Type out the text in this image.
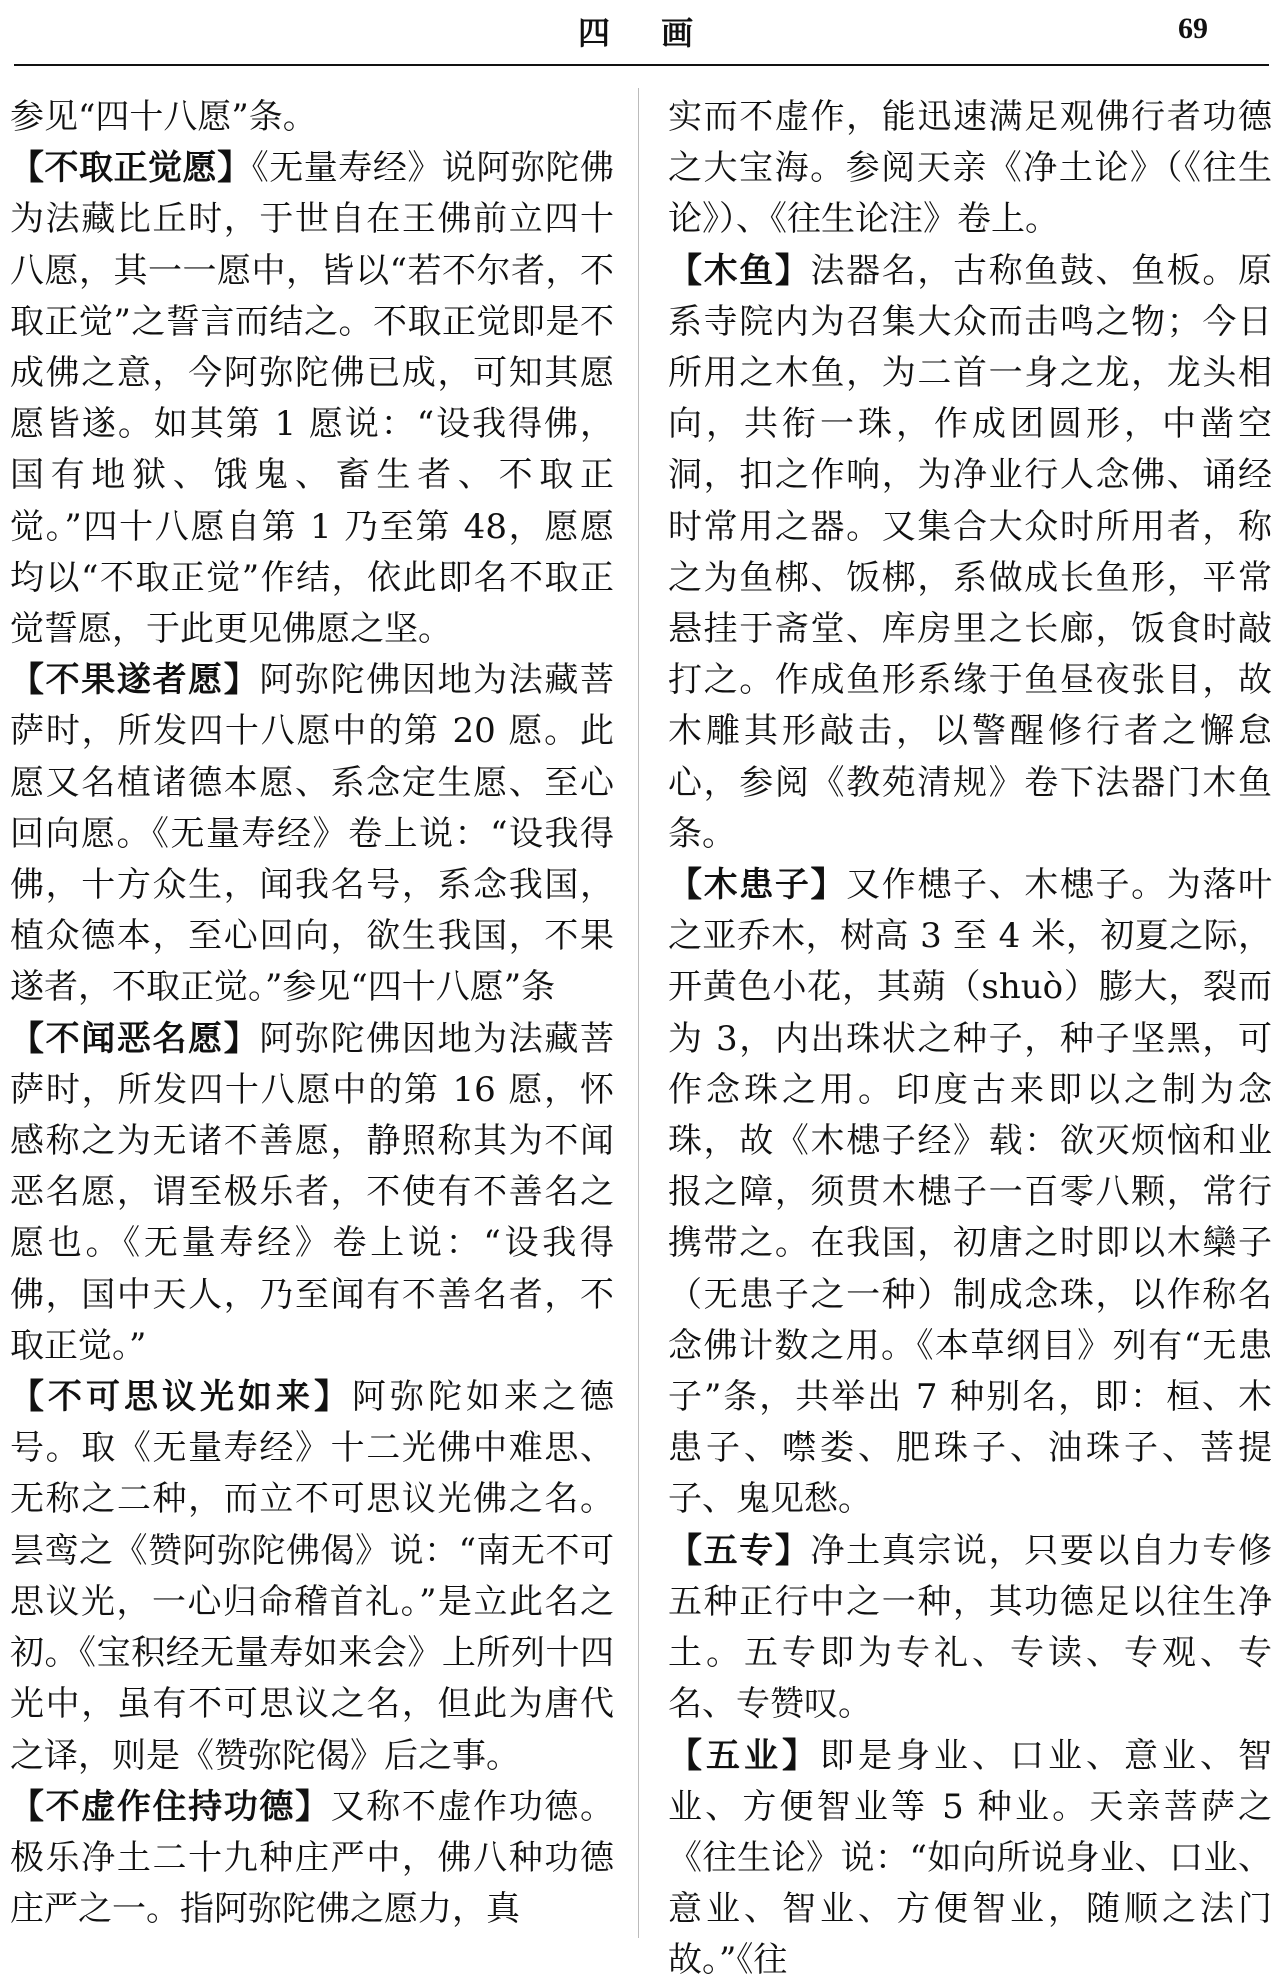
四 画	69

参见“四十八愿”条。

【不取正觉愿】《无量寿经》说阿弥陀佛为法藏比丘时，于世自在王佛前立四十八愿，其一一愿中，皆以“若不尔者，不取正觉”之誓言而结之。不取正觉即是不成佛之意，今阿弥陀佛已成，可知其愿愿皆遂。如其第 1 愿说：“设我得佛，国有地狱、饿鬼、畜生者、不取正觉。”四十八愿自第 1 乃至第 48，愿愿均以“不取正觉”作结，依此即名不取正觉誓愿，于此更见佛愿之坚。

【不果遂者愿】阿弥陀佛因地为法藏菩萨时，所发四十八愿中的第 20 愿。此愿又名植诸德本愿、系念定生愿、至心回向愿。《无量寿经》卷上说：“设我得佛，十方众生，闻我名号，系念我国，植众德本，至心回向，欲生我国，不果遂者，不取正觉。”参见“四十八愿”条

【不闻恶名愿】阿弥陀佛因地为法藏菩萨时，所发四十八愿中的第 16 愿，怀感称之为无诸不善愿，静照称其为不闻恶名愿，谓至极乐者，不使有不善名之愿也。《无量寿经》卷上说：“设我得佛，国中天人，乃至闻有不善名者，不取正觉。”

【不可思议光如来】阿弥陀如来之德号。取《无量寿经》十二光佛中难思、无称之二种，而立不可思议光佛之名。昙鸾之《赞阿弥陀佛偈》说：“南无不可思议光，一心归命稽首礼。”是立此名之初。《宝积经无量寿如来会》上所列十四光中，虽有不可思议之名，但此为唐代之译，则是《赞弥陀偈》后之事。

【不虚作住持功德】又称不虚作功德。极乐净土二十九种庄严中，佛八种功德庄严之一。指阿弥陀佛之愿力，真

实而不虚作，能迅速满足观佛行者功德之大宝海。参阅天亲《净土论》（《往生论》）、《往生论注》卷上。

【木鱼】法器名，古称鱼鼓、鱼板。原系寺院内为召集大众而击鸣之物；今日所用之木鱼，为二首一身之龙，龙头相向，共衔一珠，作成团圆形，中凿空洞，扣之作响，为净业行人念佛、诵经时常用之器。又集合大众时所用者，称之为鱼梆、饭梆，系做成长鱼形，平常悬挂于斋堂、库房里之长廊，饭食时敲打之。作成鱼形系缘于鱼昼夜张目，故木雕其形敲击，以警醒修行者之懈怠心，参阅《教苑清规》卷下法器门木鱼条。

【木患子】又作槵子、木槵子。为落叶之亚乔木，树高 3 至 4 米，初夏之际，开黄色小花，其蒴（shuò）膨大，裂而为 3，内出珠状之种子，种子坚黑，可作念珠之用。印度古来即以之制为念珠，故《木槵子经》载：欲灭烦恼和业报之障，须贯木槵子一百零八颗，常行携带之。在我国，初唐之时即以木欒子（无患子之一种）制成念珠，以作称名念佛计数之用。《本草纲目》列有“无患子”条，共举出 7 种别名，即：桓、木患子、噤娄、肥珠子、油珠子、菩提子、鬼见愁。

【五专】净土真宗说，只要以自力专修五种正行中之一种，其功德足以往生净土。五专即为专礼、专读、专观、专名、专赞叹。

【五业】即是身业、口业、意业、智业、方便智业等 5 种业。天亲菩萨之《往生论》说：“如向所说身业、口业、意业、智业、方便智业，随顺之法门故。”《往
